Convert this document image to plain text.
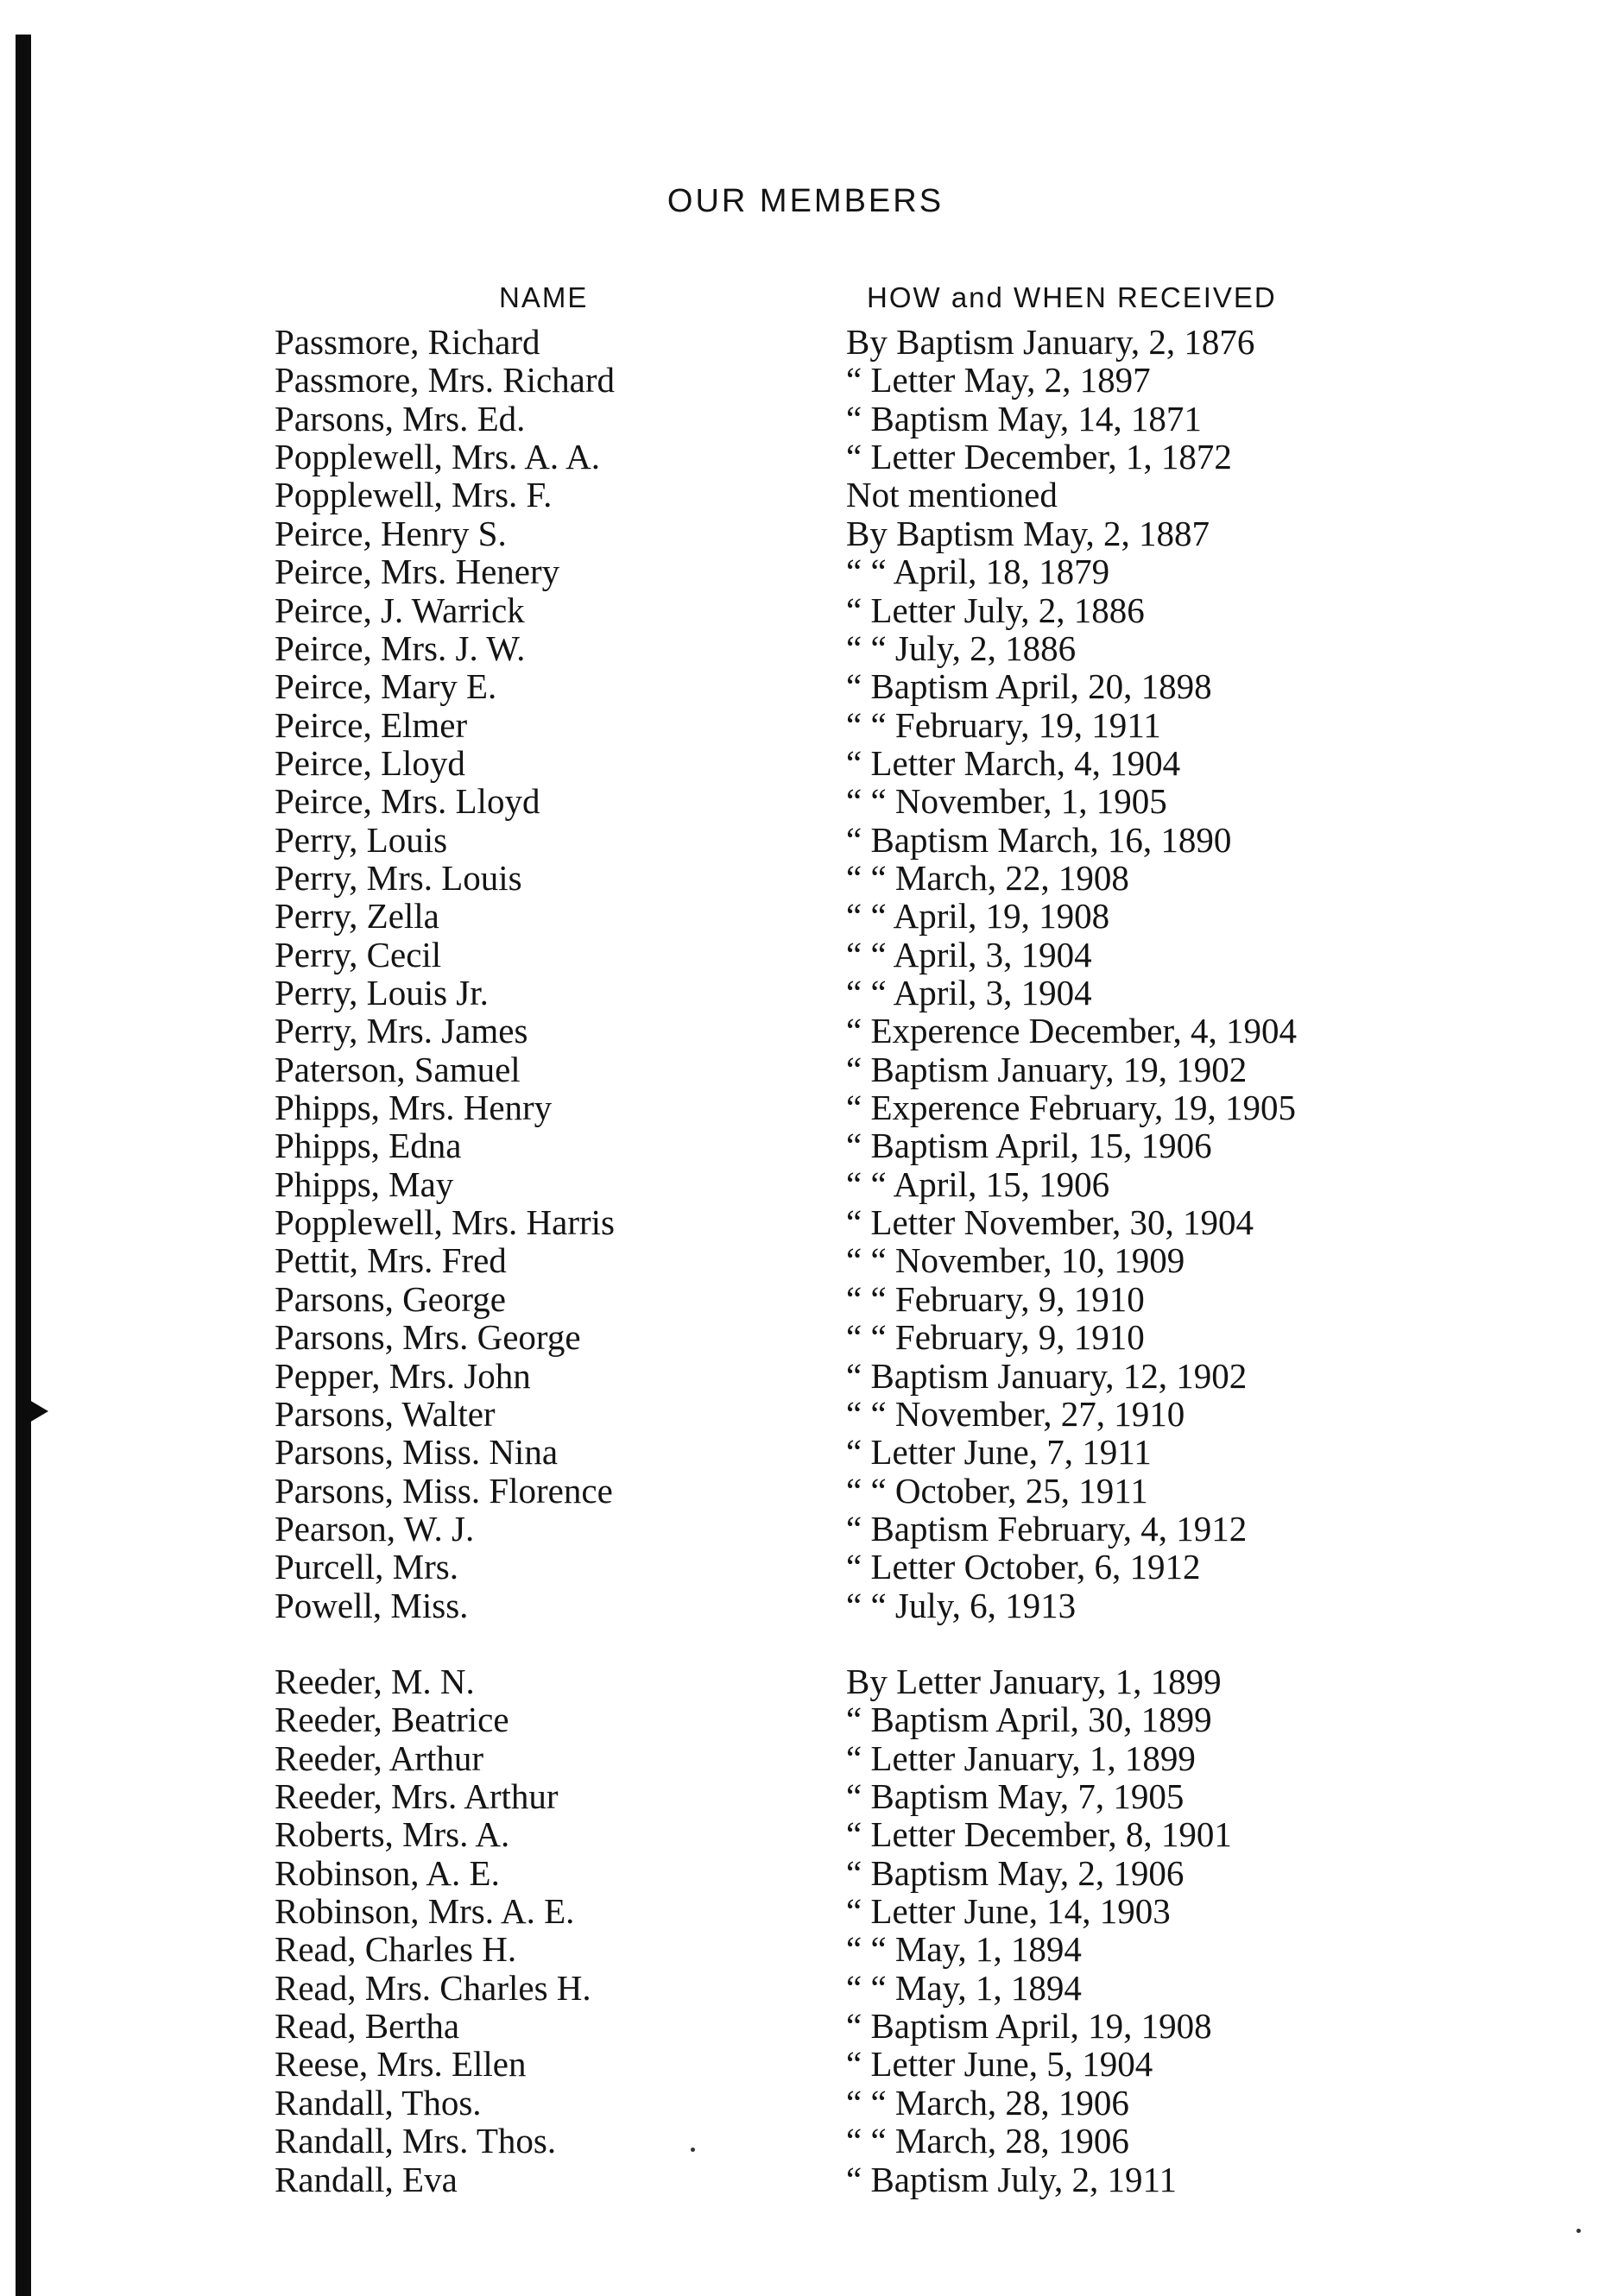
OUR MEMBERS
NAME	HOW and WHEN RECEIVED
Passmore, Richard	By Baptism January, 2, 1876
Passmore, Mrs. Richard	“ Letter May, 2, 1897
Parsons, Mrs. Ed.	“ Baptism May, 14, 1871
Popplewell, Mrs. A. A.	“ Letter December, 1, 1872
Popplewell, Mrs. F.	Not mentioned
Peirce, Henry S.	By Baptism May, 2, 1887
Peirce, Mrs. Henery	“ “ April, 18, 1879
Peirce, J. Warrick	“ Letter July, 2, 1886
Peirce, Mrs. J. W.	“ “ July, 2, 1886
Peirce, Mary E.	“ Baptism April, 20, 1898
Peirce, Elmer	“ “ February, 19, 1911
Peirce, Lloyd	“ Letter March, 4, 1904
Peirce, Mrs. Lloyd	“ “ November, 1, 1905
Perry, Louis	“ Baptism March, 16, 1890
Perry, Mrs. Louis	“ “ March, 22, 1908
Perry, Zella	“ “ April, 19, 1908
Perry, Cecil	“ “ April, 3, 1904
Perry, Louis Jr.	“ “ April, 3, 1904
Perry, Mrs. James	“ Experence December, 4, 1904
Paterson, Samuel	“ Baptism January, 19, 1902
Phipps, Mrs. Henry	“ Experence February, 19, 1905
Phipps, Edna	“ Baptism April, 15, 1906
Phipps, May	“ “ April, 15, 1906
Popplewell, Mrs. Harris	“ Letter November, 30, 1904
Pettit, Mrs. Fred	“ “ November, 10, 1909
Parsons, George	“ “ February, 9, 1910
Parsons, Mrs. George	“ “ February, 9, 1910
Pepper, Mrs. John	“ Baptism January, 12, 1902
Parsons, Walter	“ “ November, 27, 1910
Parsons, Miss. Nina	“ Letter June, 7, 1911
Parsons, Miss. Florence	“ “ October, 25, 1911
Pearson, W. J.	“ Baptism February, 4, 1912
Purcell, Mrs.	“ Letter October, 6, 1912
Powell, Miss.	“ “ July, 6, 1913
Reeder, M. N.	By Letter January, 1, 1899
Reeder, Beatrice	“ Baptism April, 30, 1899
Reeder, Arthur	“ Letter January, 1, 1899
Reeder, Mrs. Arthur	“ Baptism May, 7, 1905
Roberts, Mrs. A.	“ Letter December, 8, 1901
Robinson, A. E.	“ Baptism May, 2, 1906
Robinson, Mrs. A. E.	“ Letter June, 14, 1903
Read, Charles H.	“ “ May, 1, 1894
Read, Mrs. Charles H.	“ “ May, 1, 1894
Read, Bertha	“ Baptism April, 19, 1908
Reese, Mrs. Ellen	“ Letter June, 5, 1904
Randall, Thos.	“ “ March, 28, 1906
Randall, Mrs. Thos.	“ “ March, 28, 1906
Randall, Eva	“ Baptism July, 2, 1911
